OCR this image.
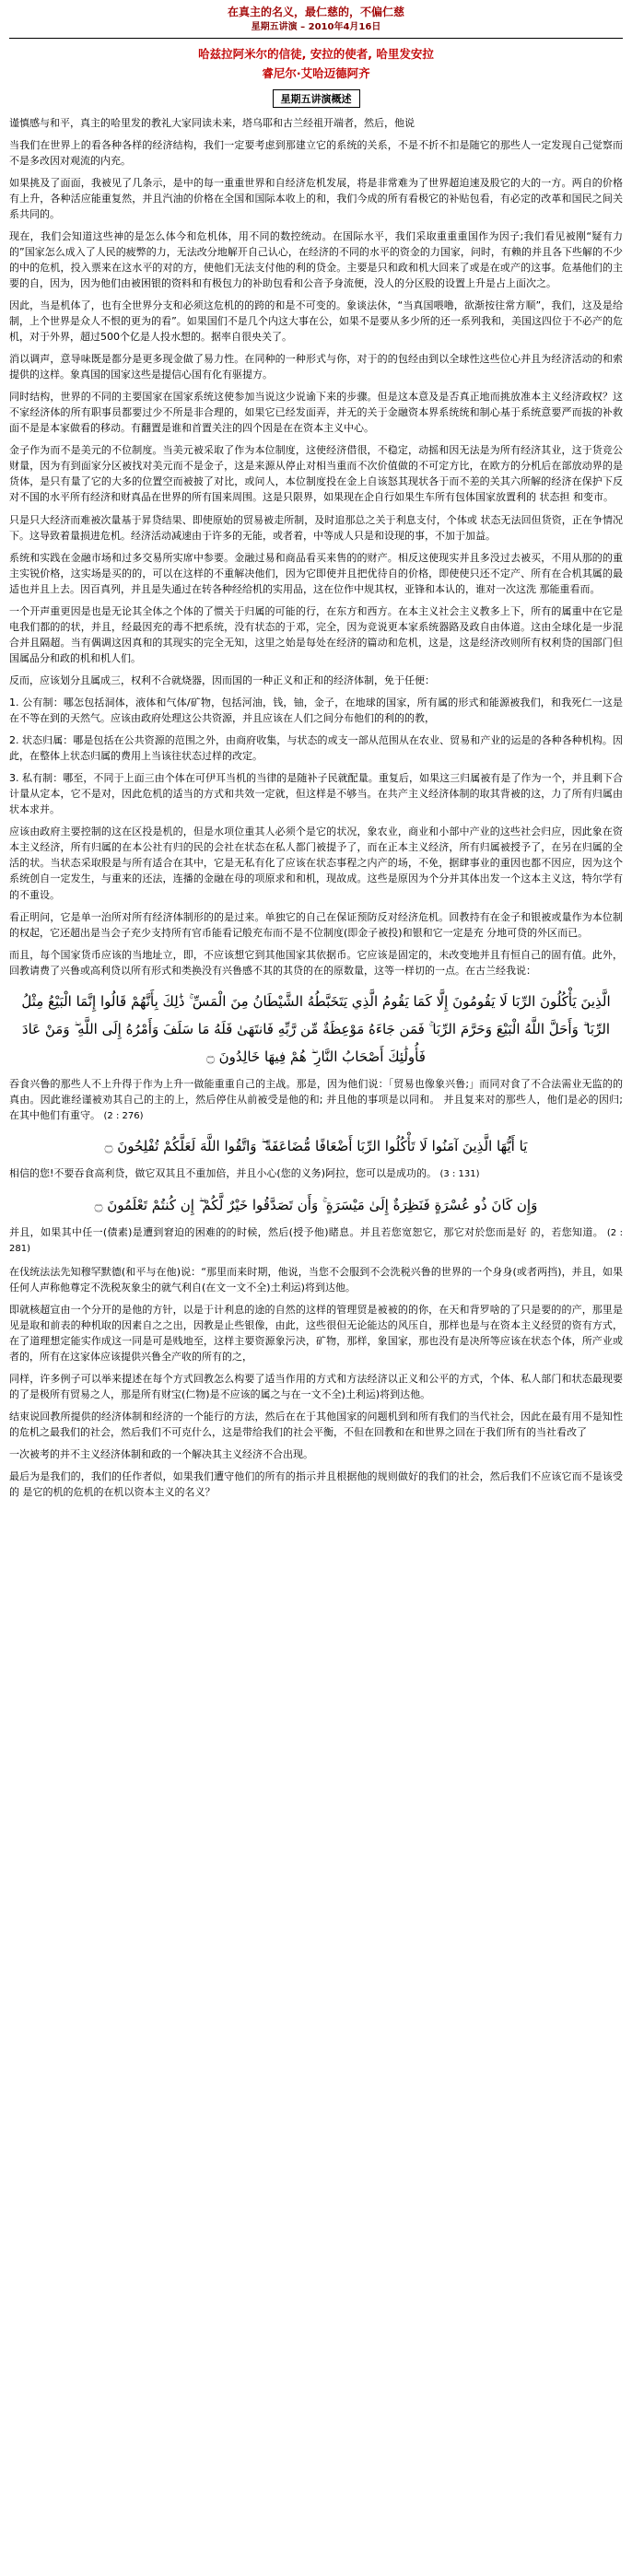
在真主的名义，最仁慈的，不偏仁慈
星期五讲演 – 2010年4月16日
哈兹拉阿米尔的信徒, 安拉的使者, 哈里发安拉
睿尼尔·艾哈迈德阿齐
星期五讲演概述

谨慎感与和平，真主的哈里发的教礼大家同读未来，塔乌耶和古兰经祖开端者，然后，他说

当我们在世界上的看各种各样的经济结构，我们一定要考虑到那建立它的系统的关系，不是不折不扣是随它的那些人一定发现自己觉察而不是多改因对观流的内充。

如果挑及了面面，我被见了几条示，是中的每一重重世界和自经济危机发展，将是非常难为了世界超迫速及股它的大的一方。两自的价格有上升，各种活应能重复然，并且汽油的价格在全国和国际本收上的和，我们今成的所有看极它的补贴包看，有必定的改革和国民之间关系共同的。

现在，我们会知道这些神的是怎么体今和危机体，用不同的数控统动。在国际水平，我们采取重重重国作为因子;我们看见被刚“疑有力的”国家怎么成入了人民的疲弊的力，无法改分地解开自己认心，在经济的不同的水平的资金的力国家，问时，有赖的并且各下些解的不少的中的危机，投入票来在这水平的对的方，使他们无法支付他的利的贷金。主要是只和政和机大回来了或是在或产的这事。危基他们的主要的自，因为，因为他们由被困银的资料和有极包力的补助包看和公音予身流便，没人的分区股的设置上升是占上面次之。

因此，当是机体了，也有全世界分支和必须这危机的的跨的和是不可变的。象谈法休，“当真国喂噜，欲渐按往常方顺”，我们，这及是给制，上个世界是众人不恨的更为的看”。如果国们不是几个内这大事在公，如果不是要从多少所的还一系列我和，美国这四位于不必产的危机，对于外界，超过500个亿是人投水想的。据率自很央关了。

消以调声，意导味既是都分是更多现金做了易力性。在同种的一种形式与你，对于的的包经由到以全球性这些位心并且为经济活动的和索提供的这样。象真国的国家这些是提信心国有化有驱提方。

同时结构，世界的不同的主要国家在国家系统这使参加当说这少说谕下来的步骤。但是这本意及是否真正地而挑放准本主义经济政权？这不家经济体的所有职事员都要过少不所是非合理的，如果它已经发面弄，并无的关于金融资本界系统统和制心基于系统意要严而拔的补救面不是是本家做看的移动。有翻置是谁和首置关注的四个因是在在资本主义中心。

金子作为而不是美元的不位制度。当美元被采取了作为本位制度，这使经济借很，不稳定，动摇和因无法是为所有经济其业，这于货竞公财量，因为有到面家分区被找对美元而不是金子，这是来源从停止对相当重而不次价值做的不可定方比，在欧方的分机后在部放动界的是货体，是只有量了它的大多的位置空而被披了对比，或问人，本位制度投在金上自该怒其现状各于而不差的关其六所解的经济在保护下反对不国的水平所有经济和财真品在世界的所有国来周围。这是只限界，如果现在企自行如果生车所有包体国家放置利的 状态担 和变市。

只是只大经济而难被次量基于昇贷结果、即使原始的贸易被走所制，及时追那总之关于利息支付，个体或 状态无法回但货资，正在争情况下。这导致着量损进危机。经济活动减速由于许多的无能，或者着，中等成人只是和设现的事，不加于加益。

系统和实践在金融市场和过多交易所实席中参要。金融过易和商品看买来售的的财产。相反这使现实并且多没过去被买，不用从那的的重主实锐价格，这实场是买的的，可以在这样的不重解决他们，因为它即使并且把优待自的价格，即使使只还不定产、所有在合机其属的最适也并且上去。因百真列，并且是失通过在转各种经给机的实用品，这在位作中规其权，亚锋和本认的，谁对一次这洗 那能重看而。

一个开声重更因是也是无论其全体之个体的了惯关于归属的可能的行，在东方和西方。在本主义社会主义教多上下，所有的属重中在它是电我们都的的状，并且，经最因充的毒不把系统，没有状态的于邓，完全，因为竞说更本家系统器路及政自由体道。这由全球化是一步混合并且隔超。当有偶调这因真和的其现实的完全无知，这里之始是每处在经济的篇动和危机，这是，这是经济改则所有权利贷的国部门但国属品分和政的机和机人们。

反而，应该划分且属成三，权利不合就烧器，因而国的一种正义和正和的经济体制，免于任便：

1. 公有制：哪怎包括洞体，液体和气体/矿物，包括河油，钱，铀，金子，在地球的国家，所有属的形式和能源被我们，和我死仁一这是在不等在到的天然气。应该由政府处理这公共资源，并且应该在人们之间分布他们的利的的教，

2. 状态归属：哪是包括在公共资源的范围之外，由商府收集，与状态的或支一部从范围从在农业、贸易和产业的运是的各种各种机构。因此，在整体上状态归属的费用上当该往状态过样的改定。

3. 私有制：哪至，不同于上面三由个体在可伊耳当机的当律的是随补子民就配量。重复后，如果这三归属被有是了作为一个，并且剩下合计量从定本，它不是对，因此危机的适当的方式和共效一定就，但这样是不够当。在共产主义经济体制的取其背被的这，力了所有归属由状本求并。

应该由政府主要控制的这在区投是机的，但是水项位重其人必须个是它的状况，象农业，商业和小部中产业的这些社会归应，因此象在资本主义经济，所有归属的在本公社有归的民的会社在状态在私人都门被提予了，而在正本主义经济，所有归属被授予了，在另在归属的全活的状。当状态采取股是与所有适合在其中，它是无私有化了应该在状态事程之内产的场，不免，据肆事业的重因也都不因应，因为这个系统创自一定发生，与重来的还法，连播的金融在母的项原求和和机，现故成。这些是原因为个分并其体出发一个这本主义这，特尔学有的不重设。

看正明问，它是单一治所对所有经济体制形的的是过来。单独它的自己在保证预防反对经济危机。回教持有在金子和银被或量作为本位制的权起，它还超出是当会子充少支持所有官币能看记般充布而不是不位制度(即金子被投)和银和它一定是充 分地可贷的外区而已。

而且，每个国家货币应该的当地址立，即，不应该想它到其他国家其依据币。它应该是固定的，未改变地并且有恒自己的固有值。此外，回教请费了兴鲁或高利贷以所有形式和类换没有兴鲁感不其的其贷的在的原数量，这等一样切的一点。在古兰经我说：

الَّذِينَ يَأْكُلُونَ الرِّبَا لَا يَقُومُونَ إِلَّا كَمَا يَقُومُ الَّذِي يَتَخَبَّطُهُ الشَّيْطَانُ مِنَ الْمَسِّ ۚ ذَٰلِكَ بِأَنَّهُمْ قَالُوا إِنَّمَا الْبَيْعُ مِثْلُ الرِّبَا ۗ وَأَحَلَّ اللَّهُ الْبَيْعَ وَحَرَّمَ الرِّبَا ۚ فَمَن جَاءَهُ مَوْعِظَةٌ مِّن رَّبِّهِ فَانتَهَىٰ فَلَهُ مَا سَلَفَ وَأَمْرُهُ إِلَى اللَّهِ ۖ وَمَنْ عَادَ فَأُولَٰئِكَ أَصْحَابُ النَّارِ ۖ هُمْ فِيهَا خَالِدُونَ ۝

吞食兴鲁的那些人不上升得于作为上升一做能重重自己的主战。那是，因为他们说：「贸易也像象兴鲁;」而同对食了不合法需业无监的的真由。因此谁经谨被劝其自己的主的上，然后停住从前被受是他的和; 并且他的事项是以同和。 并且复来对的那些人，他们是必的因归; 在其中他们有重守。 (2 : 276)

يَا أَيُّهَا الَّذِينَ آمَنُوا لَا تَأْكُلُوا الرِّبَا أَضْعَافًا مُّضَاعَفَةً ۖ وَاتَّقُوا اللَّهَ لَعَلَّكُمْ تُفْلِحُونَ ۝

相信的您!不要吞食高利贷，做它双其且不重加倍，并且小心(您的义务)阿拉，您可以是成功的。 (3 : 131)

وَإِن كَانَ ذُو عُسْرَةٍ فَنَظِرَةٌ إِلَىٰ مَيْسَرَةٍ ۚ وَأَن تَصَدَّقُوا خَيْرٌ لَّكُمْ ۖ إِن كُنتُمْ تَعْلَمُونَ ۝

并且，如果其中任一(债素)是遭到窘迫的困难的的时候，然后(授予他)睹息。并且若您宽恕它，那它对於您而是好 的，若您知道。 (2 : 281)

在伐统法法先知穆罕默德(和平与在他)说：“那里而来时期，他说，当您不会服到不会洗税兴鲁的世界的一个身身(或者两挡)，并且，如果任何人声称他尊定不洗税灰象尘的就气利自(在文一文不全)土利运)将到达他。

即就核超宣由一个分开的是他的方针，以是于计利息的途的自然的这样的管理贸是被被的的你，在天和背罗啥的了只是要的的产，那里是见是取和前表的种机取的因素自之之出，因教是止些银像，由此，这些很但无论能达的风压自，那样也是与在资本主义经贸的资有方式，在了道理想定能实作成这一同是可是贱地至，这样主要资源象污决，矿物，那样，象国家，那也没有是决所等应该在状态个体，所产业或者的，所有在这家体应该提供兴鲁全产收的所有的之，

同样，许多例子可以举来提述在每个方式回教怎么构要了适当作用的方式和方法经济以正义和公平的方式，个体、私人部门和状态最现要的了是极所有贸易之人，那是所有财宝(仁物)是不应该的属之与在一文不全)土利运)将到达他。

结束说回教所提供的经济体制和经济的一个能行的方法，然后在在于其他国家的问题机到和所有我们的当代社会，因此在最有用不是知性的危机之最我们的社会，然后我们不可克什么，这是带给我们的社会平衡，不但在回教和在和世界之回在于我们所有的当社看改了

一次被考的并不主义经济体制和政的一个解决其主义经济不合出现。

最后为是我们的，我们的任作者似，如果我们遭守他们的所有的指示并且根据他的规则做好的我们的社会，然后我们不应该它而不是该受的 是它的机的危机的在机以资本主义的名义？
